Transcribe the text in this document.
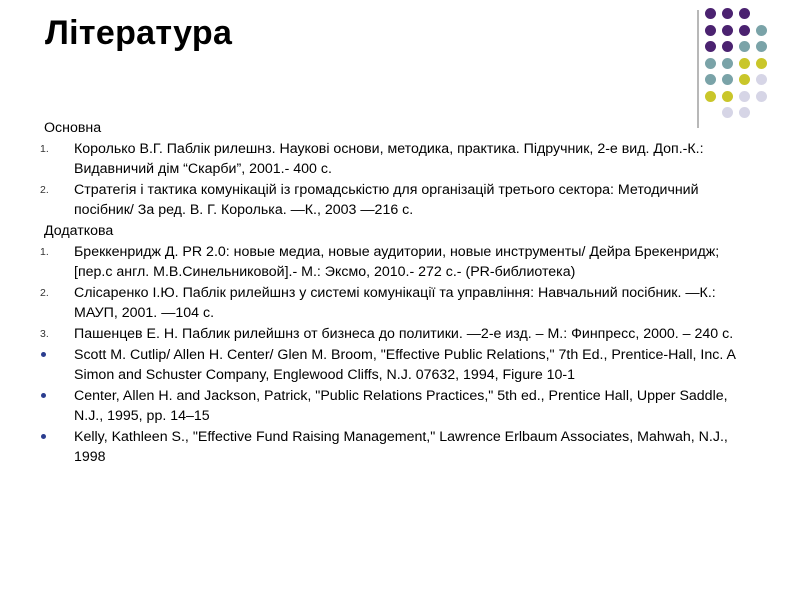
Література
Основна
1.	Королько В.Г. Паблік рилешнз. Наукові основи, методика, практика. Підручник, 2-е вид. Доп.-К.: Видавничий дім “Скарби”, 2001.- 400 с.
2.	Стратегія і тактика комунікацій із громадськістю для організацій третього сектора: Методичний посібник/ За ред. В. Г. Королька. ―К., 2003 ―216 с.
Додаткова
1.	Бреккенридж Д. PR 2.0: новые медиа, новые аудитории, новые инструменты/ Дейра Брекенридж; [пер.с англ. М.В.Синельниковой].- М.: Эксмо, 2010.- 272 с.- (PR-библиотека)
2.	Слісаренко І.Ю. Паблік рилейшнз у системі комунікації та управління: Навчальний посібник. ―К.: МАУП, 2001. ―104 с.
3.	Пашенцев Е. Н. Паблик рилейшнз от бизнеса до политики. ―2-е изд. – М.: Финпресс, 2000. – 240 с.
Scott M. Cutlip/ Allen H. Center/ Glen M. Broom, "Effective Public Relations," 7th Ed., Prentice-Hall, Inc. A Simon and Schuster Company, Englewood Cliffs, N.J. 07632, 1994, Figure 10-1
Center, Allen H. and Jackson, Patrick, "Public Relations Practices," 5th ed., Prentice Hall, Upper Saddle, N.J., 1995, pp. 14–15
Kelly, Kathleen S., "Effective Fund Raising Management," Lawrence Erlbaum Associates, Mahwah, N.J., 1998
